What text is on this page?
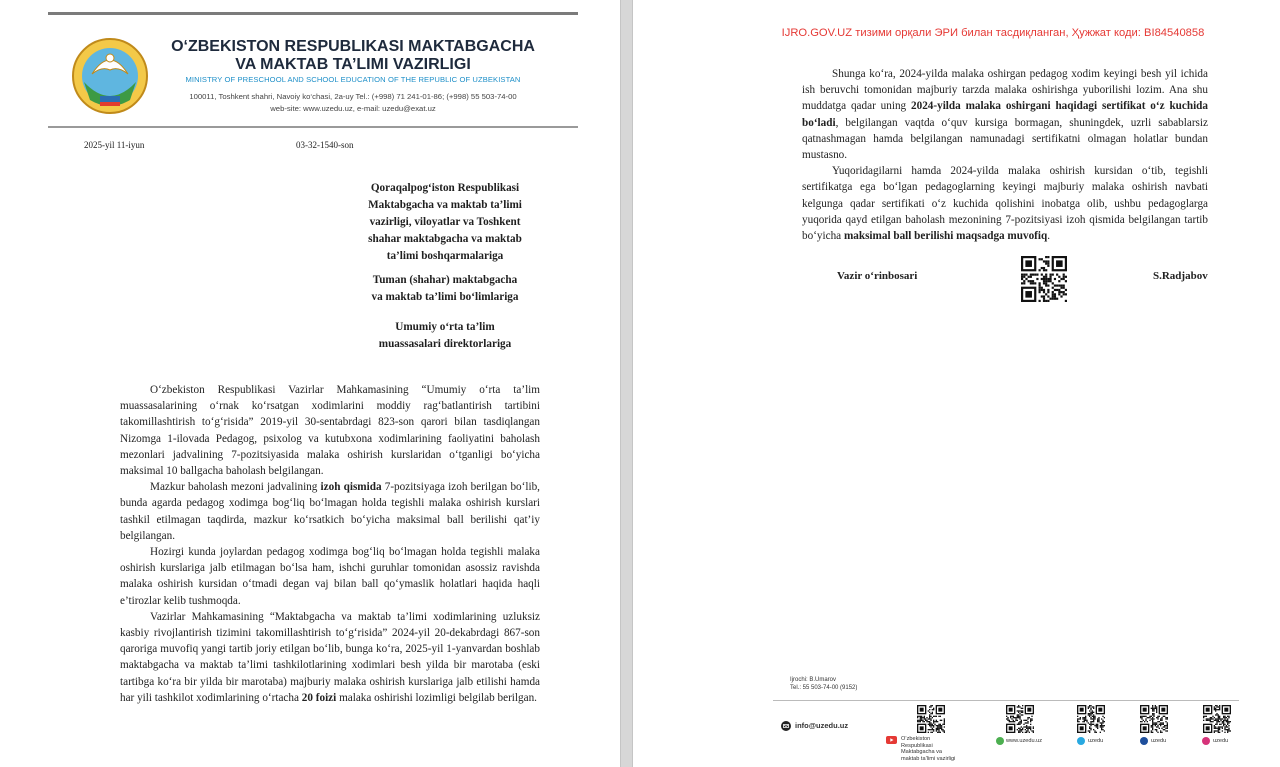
O‘ZBEKISTON RESPUBLIKASI MAKTABGACHA
VA MAKTAB TA’LIMI VAZIRLIGI
MINISTRY OF PRESCHOOL AND SCHOOL EDUCATION OF THE REPUBLIC OF UZBEKISTAN
100011, Toshkent shahri, Navoiy ko‘chasi, 2a-uy Tel.: (+998) 71 241-01-86; (+998) 55 503-74-00
web-site: www.uzedu.uz, e-mail: uzedu@exat.uz
2025-yil 11-iyun	03-32-1540-son
Qoraqalpog‘iston Respublikasi
Maktabgacha va maktab ta’limi
vazirligi, viloyatlar va Toshkent
shahar maktabgacha va maktab
ta’limi boshqarmalariga
Tuman (shahar) maktabgacha
va maktab ta’limi bo‘limlariga
Umumiy o‘rta ta’lim
muassasalari direktorlariga

O‘zbekiston Respublikasi Vazirlar Mahkamasining “Umumiy o‘rta ta’lim muassasalarining o‘rnak ko‘rsatgan xodimlarini moddiy rag‘batlantirish tartibini takomillashtirish to‘g‘risida” 2019-yil 30-sentabrdagi 823-son qarori bilan tasdiqlangan Nizomga 1-ilovada Pedagog, psixolog va kutubxona xodimlarining faoliyatini baholash mezonlari jadvalining 7-pozitsiyasida malaka oshirish kurslaridan o‘tganligi bo‘yicha maksimal 10 ballgacha baholash belgilangan.

Mazkur baholash mezoni jadvalining izoh qismida 7-pozitsiyaga izoh berilgan bo‘lib, bunda agarda pedagog xodimga bog‘liq bo‘lmagan holda tegishli malaka oshirish kurslari tashkil etilmagan taqdirda, mazkur ko‘rsatkich bo‘yicha maksimal ball berilishi qat’iy belgilangan.

Hozirgi kunda joylardan pedagog xodimga bog‘liq bo‘lmagan holda tegishli malaka oshirish kurslariga jalb etilmagan bo‘lsa ham, ishchi guruhlar tomonidan asossiz ravishda malaka oshirish kursidan o‘tmadi degan vaj bilan ball qo‘ymaslik holatlari haqida haqli e’tirozlar kelib tushmoqda.

Vazirlar Mahkamasining “Maktabgacha va maktab ta’limi xodimlarining uzluksiz kasbiy rivojlantirish tizimini takomillashtirish to‘g‘risida” 2024-yil 20-dekabrdagi 867-son qaroriga muvofiq yangi tartib joriy etilgan bo‘lib, bunga ko‘ra, 2025-yil 1-yanvardan boshlab maktabgacha va maktab ta’limi tashkilotlarining xodimlari besh yilda bir marotaba (eski tartibga ko‘ra bir yilda bir marotaba) majburiy malaka oshirish kurslariga jalb etilishi hamda har yili tashkilot xodimlarining o‘rtacha 20 foizi malaka oshirishi lozimligi belgilab berilgan.

IJRO.GOV.UZ тизими орқали ЭРИ билан тасдиқланган, Ҳужжат коди: BI84540858

Shunga ko‘ra, 2024-yilda malaka oshirgan pedagog xodim keyingi besh yil ichida ish beruvchi tomonidan majburiy tarzda malaka oshirishga yuborilishi lozim. Ana shu muddatga qadar uning 2024-yilda malaka oshirgani haqidagi sertifikat o‘z kuchida bo‘ladi, belgilangan vaqtda o‘quv kursiga bormagan, shuningdek, uzrli sabablarsiz qatnashmagan hamda belgilangan namunadagi sertifikatni olmagan holatlar bundan mustasno.

Yuqoridagilarni hamda 2024-yilda malaka oshirish kursidan o‘tib, tegishli sertifikatga ega bo‘lgan pedagoglarning keyingi majburiy malaka oshirish navbati kelgunga qadar sertifikati o‘z kuchida qolishini inobatga olib, ushbu pedagoglarga yuqorida qayd etilgan baholash mezonining 7-pozitsiyasi izoh qismida belgilangan tartib bo‘yicha maksimal ball berilishi maqsadga muvofiq.

Vazir o‘rinbosari	S.Radjabov
Ijrochi: B.Umarov
Tel.: 55 503-74-00 (9152)
info@uzedu.uz
O‘zbekiston Respublikasi Maktabgacha va maktab ta’limi vazirligi
www.uzedu.uz	uzedu	uzedu	uzedu
